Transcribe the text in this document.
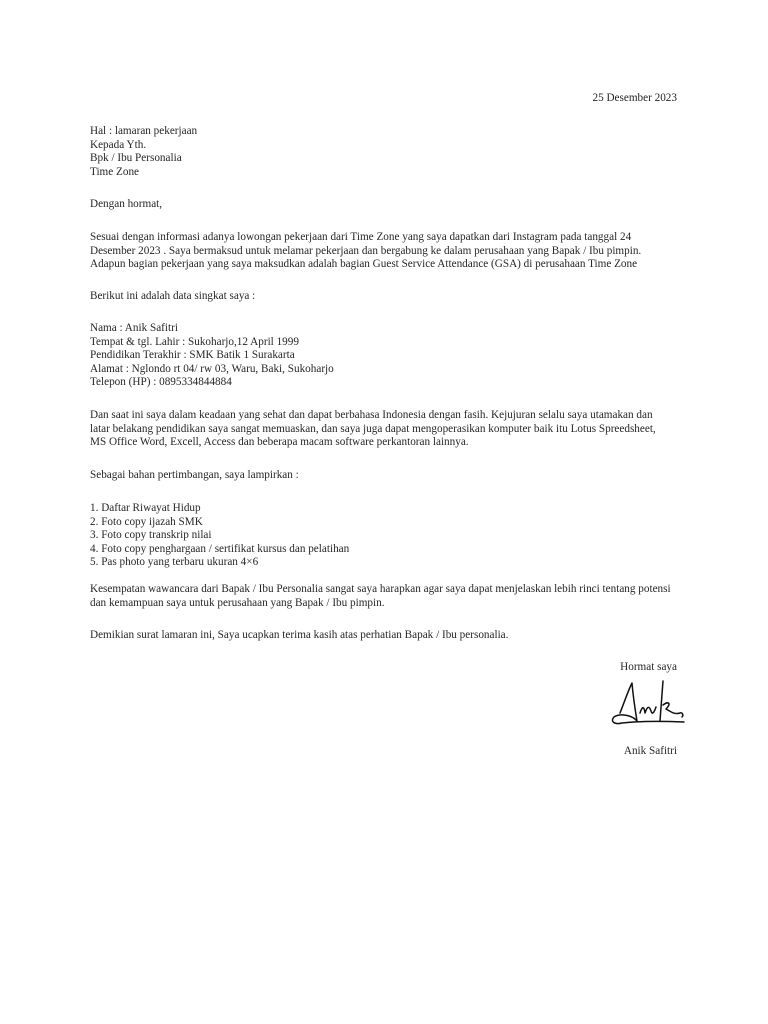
25 Desember 2023
Hal : lamaran pekerjaan
Kepada Yth.
Bpk / Ibu Personalia
Time Zone
Dengan hormat,
Sesuai dengan informasi adanya lowongan pekerjaan dari Time Zone yang saya dapatkan dari Instagram pada tanggal 24
Desember 2023 . Saya bermaksud untuk melamar pekerjaan dan bergabung ke dalam perusahaan yang Bapak / Ibu pimpin.
Adapun bagian pekerjaan yang saya maksudkan adalah bagian Guest Service Attendance (GSA) di perusahaan Time Zone
Berikut ini adalah data singkat saya :
Nama : Anik Safitri
Tempat & tgl. Lahir : Sukoharjo,12 April 1999
Pendidikan Terakhir : SMK Batik 1 Surakarta
Alamat : Nglondo rt 04/ rw 03, Waru, Baki, Sukoharjo
Telepon (HP) : 0895334844884
Dan saat ini saya dalam keadaan yang sehat dan dapat berbahasa Indonesia dengan fasih. Kejujuran selalu saya utamakan dan
latar belakang pendidikan saya sangat memuaskan, dan saya juga dapat mengoperasikan komputer baik itu Lotus Spreedsheet,
MS Office Word, Excell, Access dan beberapa macam software perkantoran lainnya.
Sebagai bahan pertimbangan, saya lampirkan :
1. Daftar Riwayat Hidup
2. Foto copy ijazah SMK
3. Foto copy transkrip nilai
4. Foto copy penghargaan / sertifikat kursus dan pelatihan
5. Pas photo yang terbaru ukuran 4×6
Kesempatan wawancara dari Bapak / Ibu Personalia sangat saya harapkan agar saya dapat menjelaskan lebih rinci tentang potensi
dan kemampuan saya untuk perusahaan yang Bapak / Ibu pimpin.
Demikian surat lamaran ini, Saya ucapkan terima kasih atas perhatian Bapak / Ibu personalia.
Hormat saya
Anik Safitri
